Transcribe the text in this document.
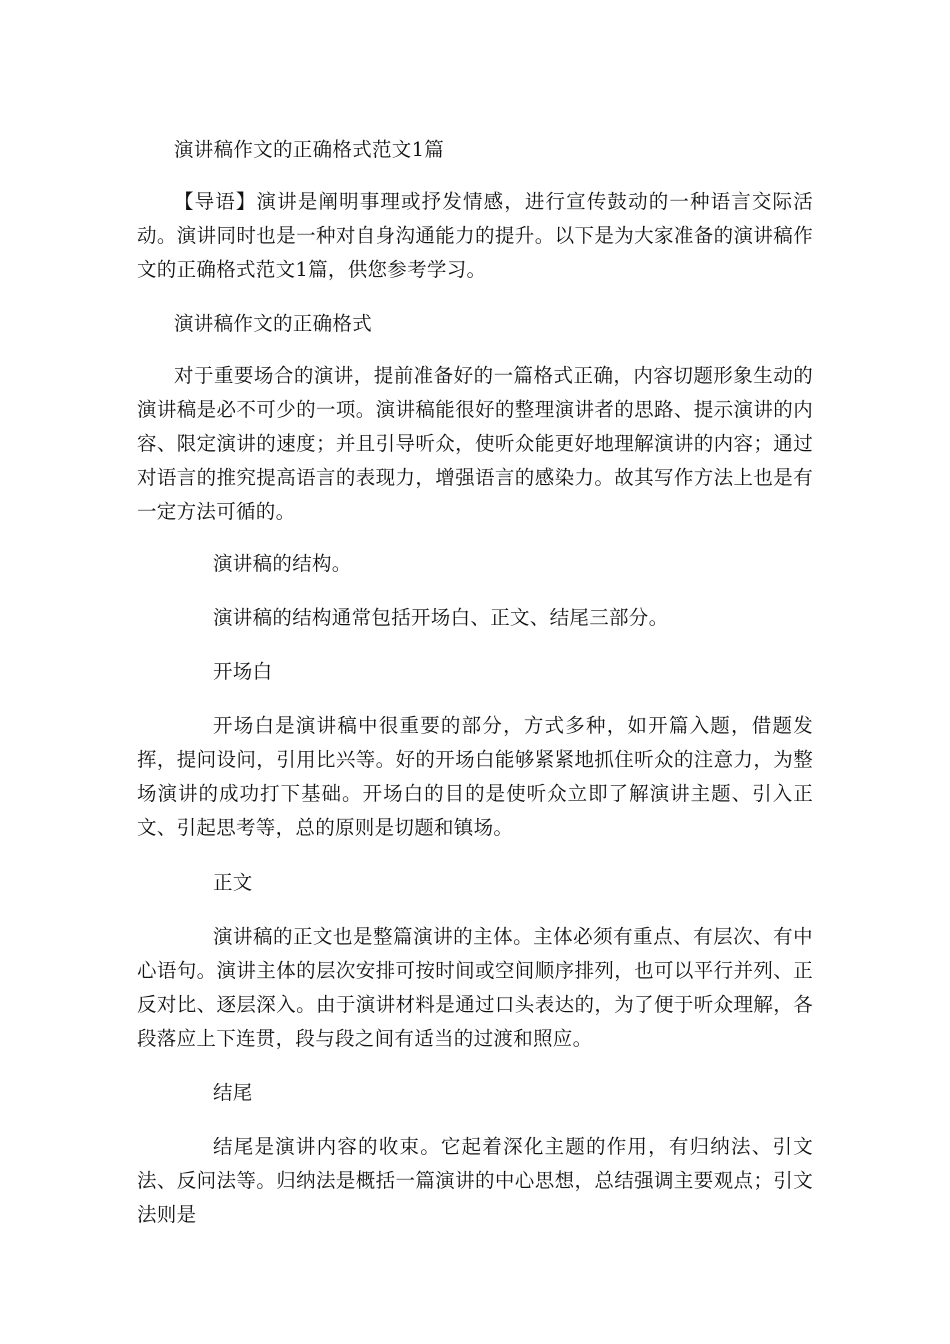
演讲稿作文的正确格式范文1篇

【导语】演讲是阐明事理或抒发情感，进行宣传鼓动的一种语言交际活动。演讲同时也是一种对自身沟通能力的提升。以下是为大家准备的演讲稿作文的正确格式范文1篇，供您参考学习。

演讲稿作文的正确格式

对于重要场合的演讲，提前准备好的一篇格式正确，内容切题形象生动的演讲稿是必不可少的一项。演讲稿能很好的整理演讲者的思路、提示演讲的内容、限定演讲的速度；并且引导听众，使听众能更好地理解演讲的内容；通过对语言的推究提高语言的表现力，增强语言的感染力。故其写作方法上也是有一定方法可循的。

演讲稿的结构。

演讲稿的结构通常包括开场白、正文、结尾三部分。

开场白

开场白是演讲稿中很重要的部分，方式多种，如开篇入题，借题发挥，提问设问，引用比兴等。好的开场白能够紧紧地抓住听众的注意力，为整场演讲的成功打下基础。开场白的目的是使听众立即了解演讲主题、引入正文、引起思考等，总的原则是切题和镇场。

正文

演讲稿的正文也是整篇演讲的主体。主体必须有重点、有层次、有中心语句。演讲主体的层次安排可按时间或空间顺序排列，也可以平行并列、正反对比、逐层深入。由于演讲材料是通过口头表达的，为了便于听众理解，各段落应上下连贯，段与段之间有适当的过渡和照应。

结尾

结尾是演讲内容的收束。它起着深化主题的作用，有归纳法、引文法、反问法等。归纳法是概括一篇演讲的中心思想，总结强调主要观点；引文法则是
